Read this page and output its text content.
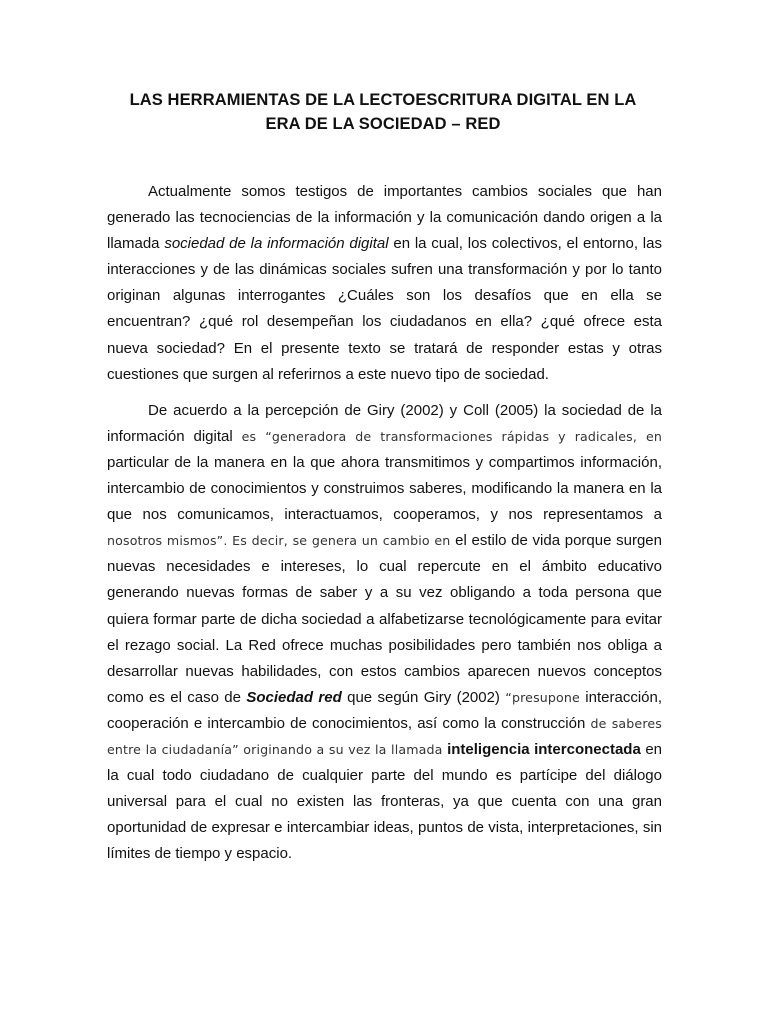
LAS HERRAMIENTAS DE LA LECTOESCRITURA DIGITAL EN LA
ERA DE LA SOCIEDAD – RED

Actualmente somos testigos de importantes cambios sociales que han generado las tecnociencias de la información y la comunicación dando origen a la llamada sociedad de la información digital en la cual, los colectivos, el entorno, las interacciones y de las dinámicas sociales sufren una transformación y por lo tanto originan algunas interrogantes ¿Cuáles son los desafíos que en ella se encuentran? ¿qué rol desempeñan los ciudadanos en ella? ¿qué ofrece esta nueva sociedad? En el presente texto se tratará de responder estas y otras cuestiones que surgen al referirnos a este nuevo tipo de sociedad.

De acuerdo a la percepción de Giry (2002) y Coll (2005) la sociedad de la información digital es “generadora de transformaciones rápidas y radicales, en particular de la manera en la que ahora transmitimos y compartimos información, intercambio de conocimientos y construimos saberes, modificando la manera en la que nos comunicamos, interactuamos, cooperamos, y nos representamos a nosotros mismos”. Es decir, se genera un cambio en el estilo de vida porque surgen nuevas necesidades e intereses, lo cual repercute en el ámbito educativo generando nuevas formas de saber y a su vez obligando a toda persona que quiera formar parte de dicha sociedad a alfabetizarse tecnológicamente para evitar el rezago social. La Red ofrece muchas posibilidades pero también nos obliga a desarrollar nuevas habilidades, con estos cambios aparecen nuevos conceptos como es el caso de Sociedad red que según Giry (2002) “presupone interacción, cooperación e intercambio de conocimientos, así como la construcción de saberes entre la ciudadanía” originando a su vez la llamada inteligencia interconectada en la cual todo ciudadano de cualquier parte del mundo es partícipe del diálogo universal para el cual no existen las fronteras, ya que cuenta con una gran oportunidad de expresar e intercambiar ideas, puntos de vista, interpretaciones, sin límites de tiempo y espacio.
